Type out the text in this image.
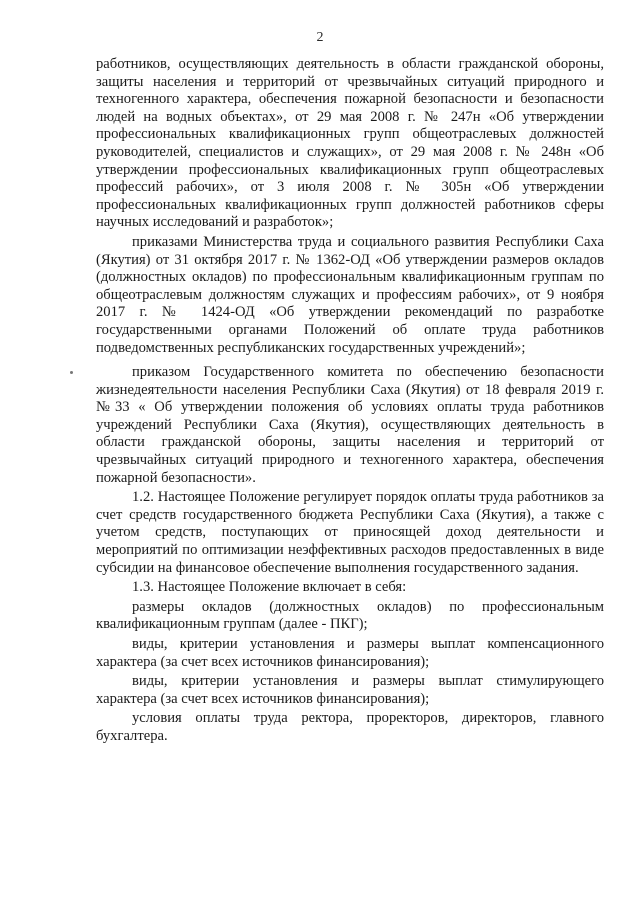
2

работников, осуществляющих деятельность в области гражданской обороны, защиты населения и территорий от чрезвычайных ситуаций природного и техногенного характера, обеспечения пожарной безопасности и безопасности людей на водных объектах», от 29 мая 2008 г. № 247н «Об утверждении профессиональных квалификационных групп общеотраслевых должностей руководителей, специалистов и служащих», от 29 мая 2008 г. № 248н «Об утверждении профессиональных квалификационных групп общеотраслевых профессий рабочих», от 3 июля 2008 г. № 305н «Об утверждении профессиональных квалификационных групп должностей работников сферы научных исследований и разработок»;

приказами Министерства труда и социального развития Республики Саха (Якутия) от 31 октября 2017 г. № 1362-ОД «Об утверждении размеров окладов (должностных окладов) по профессиональным квалификационным группам по общеотраслевым должностям служащих и профессиям рабочих», от 9 ноября 2017 г. № 1424-ОД «Об утверждении рекомендаций по разработке государственными органами Положений об оплате труда работников подведомственных республиканских государственных учреждений»;

приказом Государственного комитета по обеспечению безопасности жизнедеятельности населения Республики Саха (Якутия) от 18 февраля 2019 г. №33 « Об утверждении положения об условиях оплаты труда работников учреждений Республики Саха (Якутия), осуществляющих деятельность в области гражданской обороны, защиты населения и территорий от чрезвычайных ситуаций природного и техногенного характера, обеспечения пожарной безопасности».

1.2. Настоящее Положение регулирует порядок оплаты труда работников за счет средств государственного бюджета Республики Саха (Якутия), а также с учетом средств, поступающих от приносящей доход деятельности и мероприятий по оптимизации неэффективных расходов предоставленных в виде субсидии на финансовое обеспечение выполнения государственного задания.

1.3. Настоящее Положение включает в себя:

размеры окладов (должностных окладов) по профессиональным квалификационным группам (далее - ПКГ);

виды, критерии установления и размеры выплат компенсационного характера (за счет всех источников финансирования);

виды, критерии установления и размеры выплат стимулирующего характера (за счет всех источников финансирования);

условия оплаты труда ректора, проректоров, директоров, главного бухгалтера.
